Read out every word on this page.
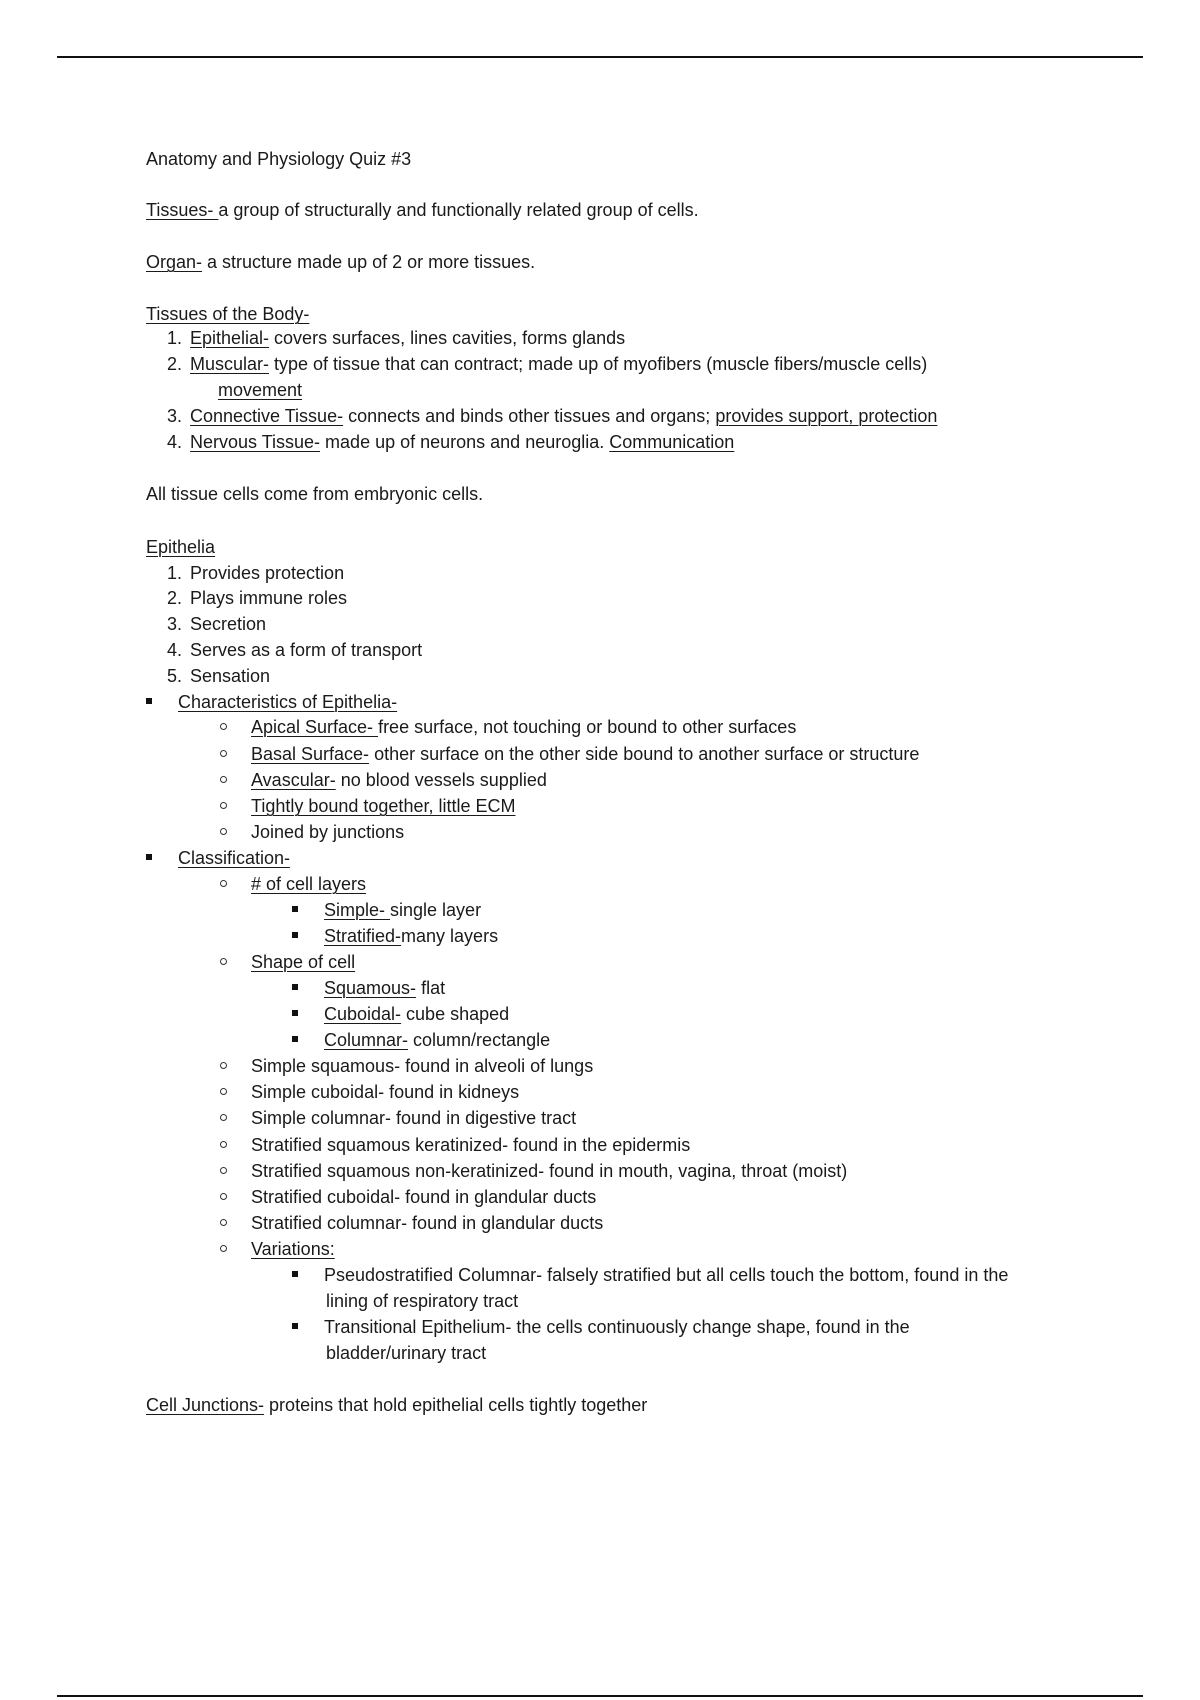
Anatomy and Physiology Quiz #3
Tissues- a group of structurally and functionally related group of cells.
Organ- a structure made up of 2 or more tissues.
Tissues of the Body-
1. Epithelial- covers surfaces, lines cavities, forms glands
2. Muscular- type of tissue that can contract; made up of myofibers (muscle fibers/muscle cells)
movement
3. Connective Tissue- connects and binds other tissues and organs; provides support, protection
4. Nervous Tissue- made up of neurons and neuroglia. Communication
All tissue cells come from embryonic cells.
Epithelia
1. Provides protection
2. Plays immune roles
3. Secretion
4. Serves as a form of transport
5. Sensation
Characteristics of Epithelia-
Apical Surface- free surface, not touching or bound to other surfaces
Basal Surface- other surface on the other side bound to another surface or structure
Avascular- no blood vessels supplied
Tightly bound together, little ECM
Joined by junctions
Classification-
# of cell layers
Simple- single layer
Stratified-many layers
Shape of cell
Squamous- flat
Cuboidal- cube shaped
Columnar- column/rectangle
Simple squamous- found in alveoli of lungs
Simple cuboidal- found in kidneys
Simple columnar- found in digestive tract
Stratified squamous keratinized- found in the epidermis
Stratified squamous non-keratinized- found in mouth, vagina, throat (moist)
Stratified cuboidal- found in glandular ducts
Stratified columnar- found in glandular ducts
Variations:
Pseudostratified Columnar- falsely stratified but all cells touch the bottom, found in the
lining of respiratory tract
Transitional Epithelium- the cells continuously change shape, found in the
bladder/urinary tract
Cell Junctions- proteins that hold epithelial cells tightly together
